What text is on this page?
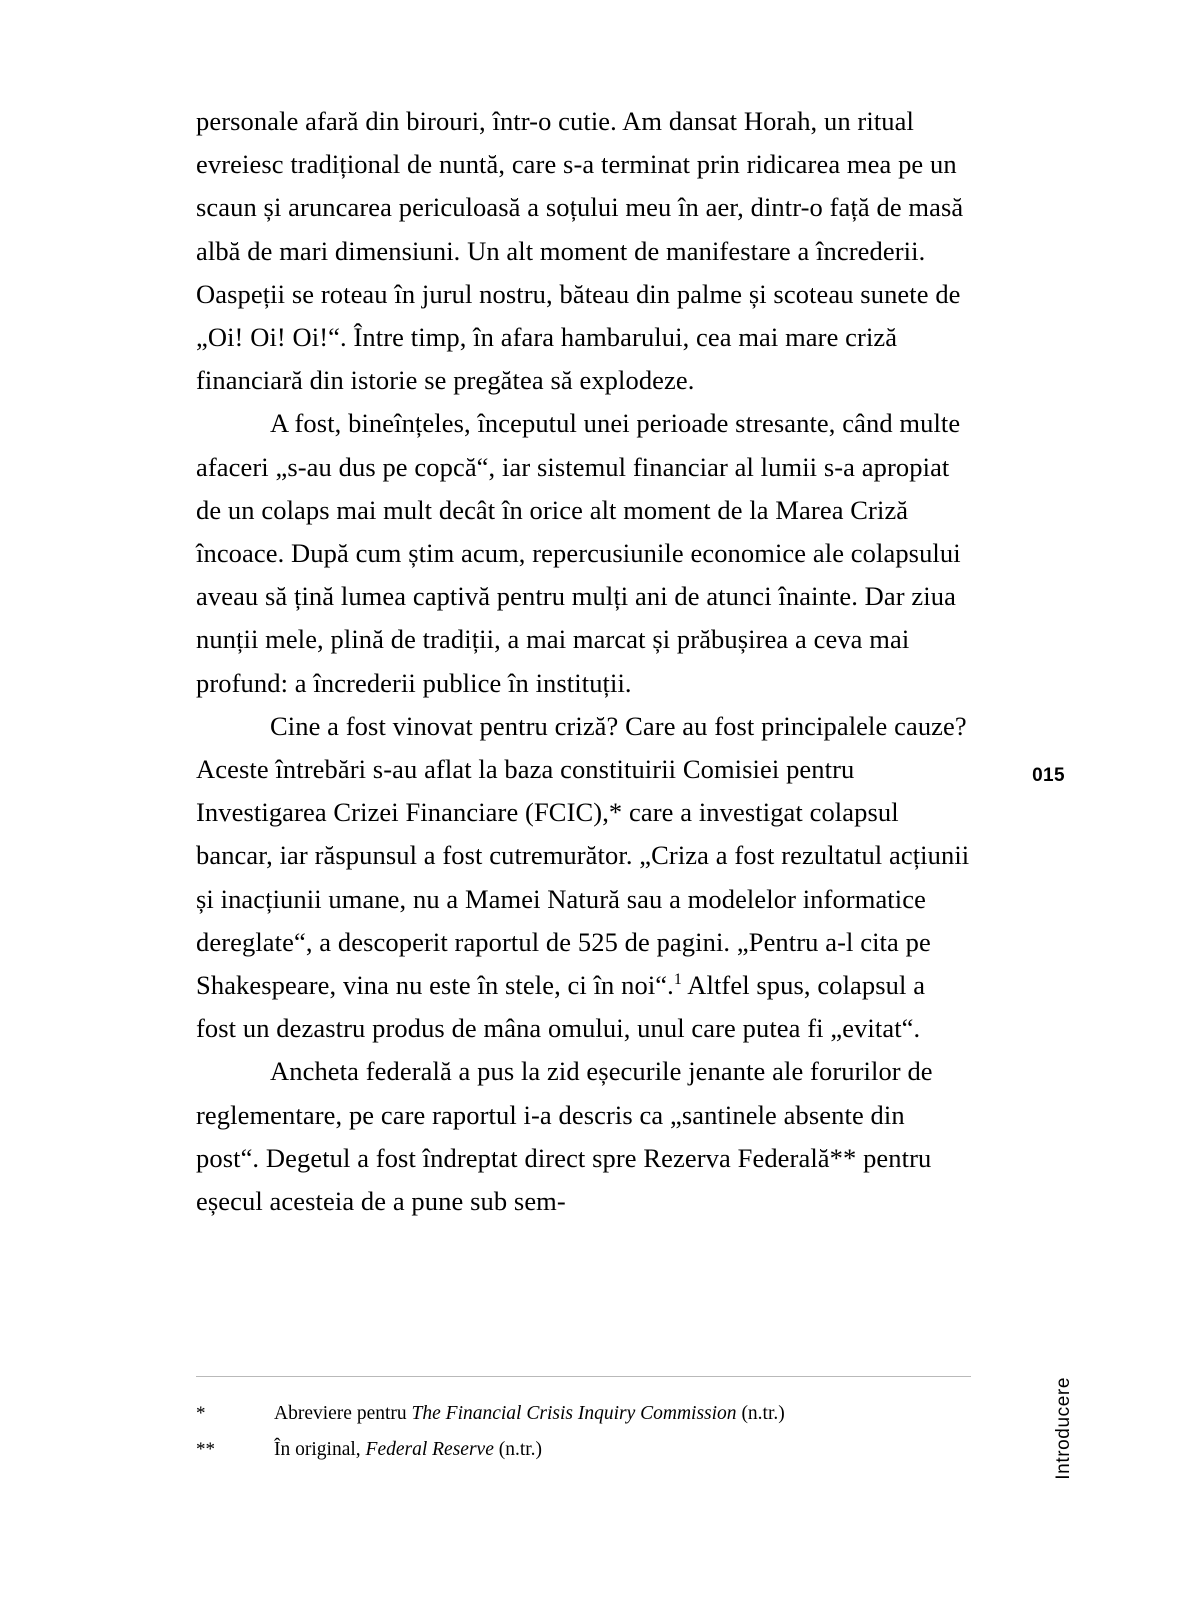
personale afară din birouri, într-o cutie. Am dansat Horah, un ritual evreiesc tradițional de nuntă, care s-a terminat prin ridicarea mea pe un scaun și aruncarea periculoasă a soțului meu în aer, dintr-o față de masă albă de mari dimensiuni. Un alt moment de manifestare a încrederii. Oaspeții se roteau în jurul nostru, băteau din palme și scoteau sunete de „Oi! Oi! Oi!“. Între timp, în afara hambarului, cea mai mare criză financiară din istorie se pregătea să explodeze.

A fost, bineînțeles, începutul unei perioade stresante, când multe afaceri „s-au dus pe copcă“, iar sistemul financiar al lumii s-a apropiat de un colaps mai mult decât în orice alt moment de la Marea Criză încoace. După cum știm acum, repercusiunile economice ale colapsului aveau să țină lumea captivă pentru mulți ani de atunci înainte. Dar ziua nunții mele, plină de tradiții, a mai marcat și prăbușirea a ceva mai profund: a încrederii publice în instituții.

Cine a fost vinovat pentru criză? Care au fost principalele cauze? Aceste întrebări s-au aflat la baza constituirii Comisiei pentru Investigarea Crizei Financiare (FCIC),* care a investigat colapsul bancar, iar răspunsul a fost cutremurător. „Criza a fost rezultatul acțiunii și inacțiunii umane, nu a Mamei Natură sau a modelelor informatice dereglate“, a descoperit raportul de 525 de pagini. „Pentru a-l cita pe Shakespeare, vina nu este în stele, ci în noi“.$^1$ Altfel spus, colapsul a fost un dezastru produs de mâna omului, unul care putea fi „evitat“.

Ancheta federală a pus la zid eșecurile jenante ale forurilor de reglementare, pe care raportul i-a descris ca „santinele absente din post“. Degetul a fost îndreptat direct spre Rezerva Federală** pentru eșecul acesteia de a pune sub sem-

015
Introducere
*	Abreviere pentru The Financial Crisis Inquiry Commission (n.tr.)
**	În original, Federal Reserve (n.tr.)
